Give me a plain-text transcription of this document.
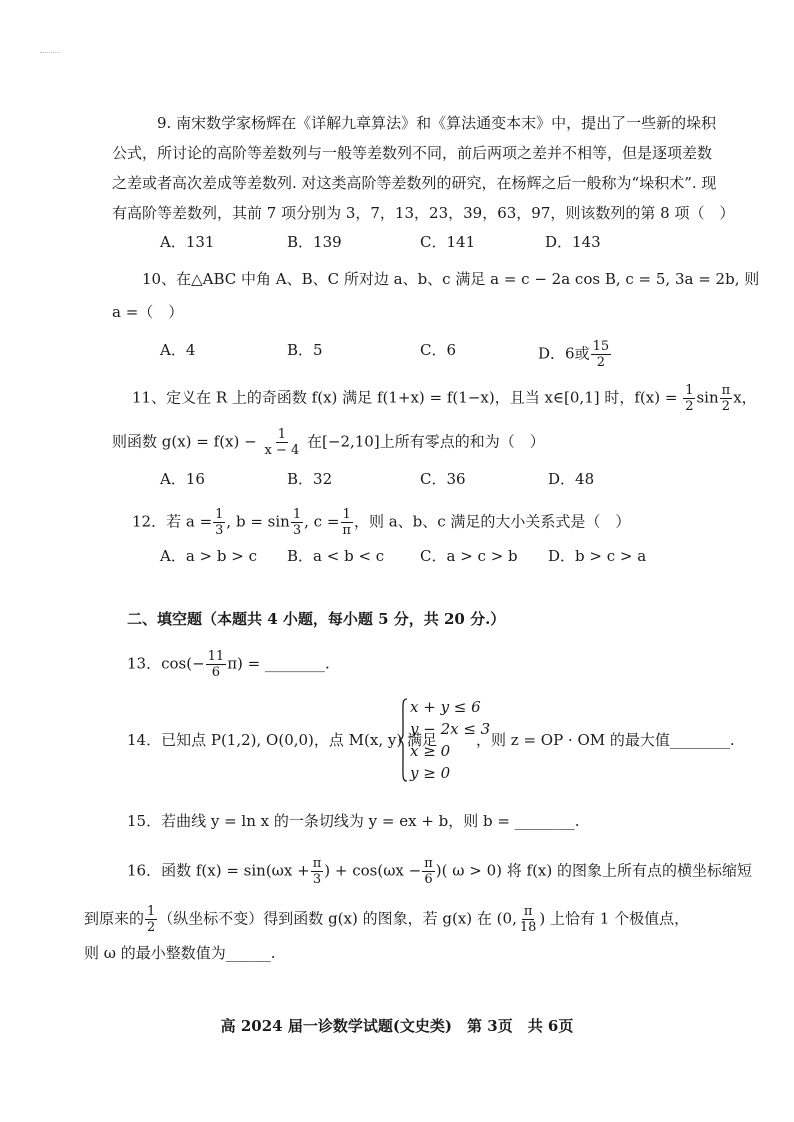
9. 南宋数学家杨辉在《详解九章算法》和《算法通变本末》中，提出了一些新的垛积
公式，所讨论的高阶等差数列与一般等差数列不同，前后两项之差并不相等，但是逐项差数
之差或者高次差成等差数列. 对这类高阶等差数列的研究，在杨辉之后一般称为“垛积术”. 现
有高阶等差数列，其前 7 项分别为 3，7，13，23，39，63，97，则该数列的第 8 项（　）
A．131	B．139	C．141	D．143
10、在△ABC 中角 A、B、C 所对边 a、b、c 满足 a = c − 2a cos B, c = 5, 3a = 2b, 则
a =（　）
A．4	B．5	C．6	D．6或 $\frac{15}{2}$
11、定义在 R 上的奇函数 f(x) 满足 f(1+x) = f(1−x)，且当 x∈[0,1] 时，$f(x) = \frac{1}{2}$ $\sin \frac{\pi}{2}$ x，
则函数 $g(x) = f(x) - \frac{1}{x - 4}$ 在[−2,10]上所有零点的和为（　）
A．16	B．32	C．36	D．48
12．若 $a = \frac{1}{3}$ , $b = \sin \frac{1}{3}$ , $c = \frac{1}{\pi}$ ，则 a、b、c 满足的大小关系式是（　）
A．a > b > c B．a < b < c C．a > c > b D．b > c > a
二、填空题（本题共 4 小题，每小题 5 分，共 20 分.）
13．$\cos(- \frac{11}{6} \pi)$ = ________.
14．已知点 P(1,2), O(0,0)，点 M(x, y) 满足
x + y ≤ 6
y − 2x ≤ 3
x ≥ 0
y ≥ 0
，则 z = OP · OM 的最大值________.
15．若曲线 y = ln x 的一条切线为 y = ex + b，则 b = ________.
16．函数 $f(x) = \sin(\omega x + \frac{\pi}{3}$ ) + $\cos(\omega x - \frac{\pi}{6}$ )( ω > 0) 将 f(x) 的图象上所有点的横坐标缩短
到原来的 $\frac{1}{2}$ （纵坐标不变）得到函数 g(x) 的图象，若 g(x) 在 (0, $\frac{\pi}{18}$ ) 上恰有 1 个极值点，
则 ω 的最小整数值为______.
高 2024 届一诊数学试题(文史类)　第 3页　共 6页
